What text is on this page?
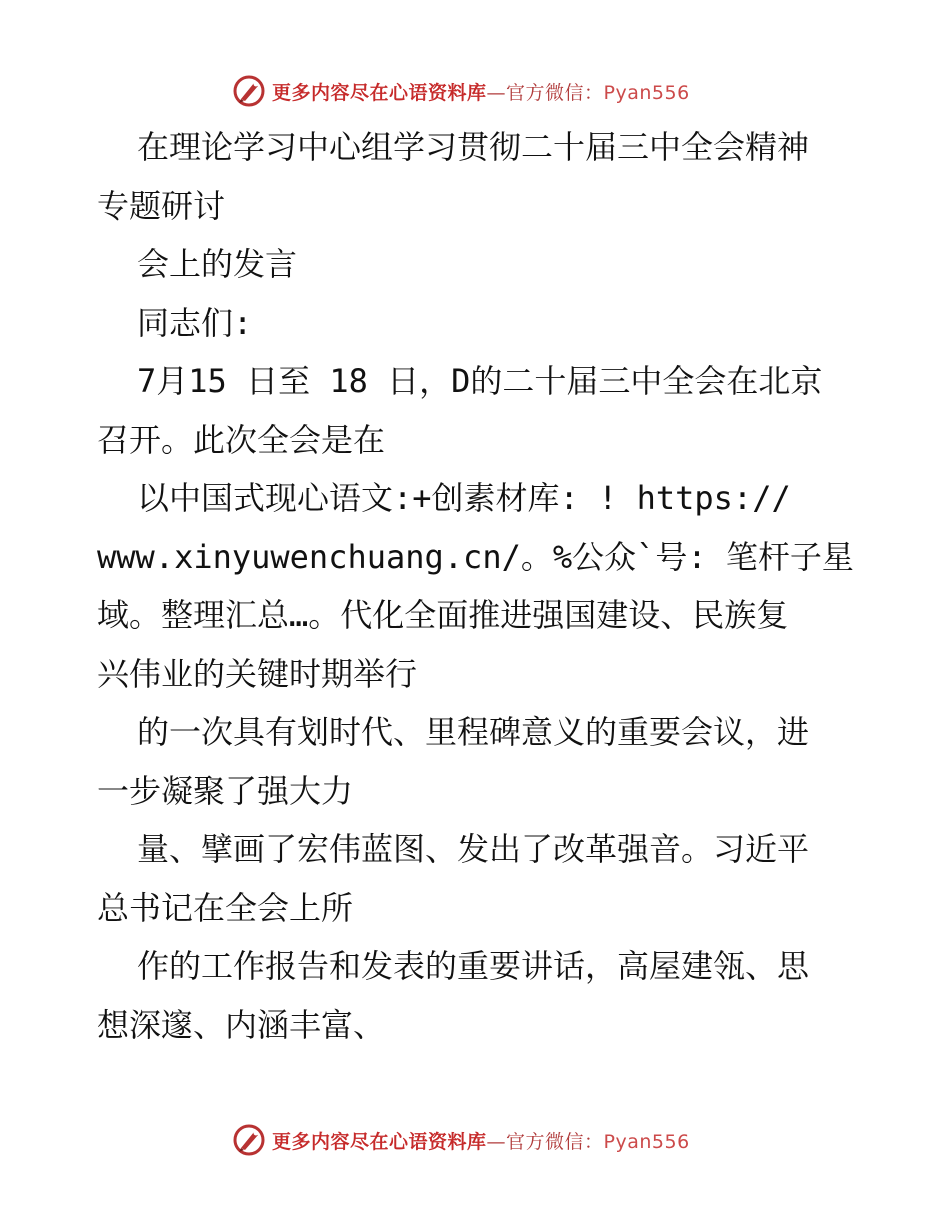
更多内容尽在心语资料库—官方微信：Pyan556
在理论学习中心组学习贯彻二十届三中全会精神
专题研讨
会上的发言
同志们:
7月15 日至 18 日，D的二十届三中全会在北京
召开。此次全会是在
以中国式现心语文:+创素材库: ! https://
www.xinyuwenchuang.cn/。%公众`号: 笔杆子星
域。整理汇总…。代化全面推进强国建设、民族复
兴伟业的关键时期举行
的一次具有划时代、里程碑意义的重要会议，进
一步凝聚了强大力
量、擘画了宏伟蓝图、发出了改革强音。习近平
总书记在全会上所
作的工作报告和发表的重要讲话，高屋建瓴、思
想深邃、内涵丰富、
更多内容尽在心语资料库—官方微信：Pyan556
